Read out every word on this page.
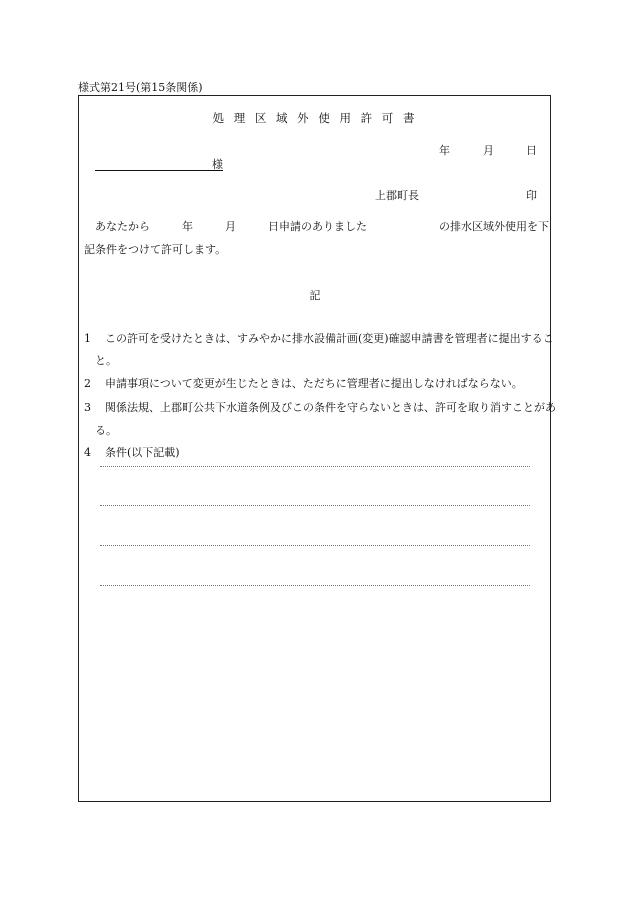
様式第21号(第15条関係)
処 理 区 域 外 使 用 許 可 書
年	月	日
様
上郡町長	印
あなたから	年	月	日申請のありました	の排水区域外使用を下
記条件をつけて許可します。
記
1 この許可を受けたときは、すみやかに排水設備計画(変更)確認申請書を管理者に提出するこ
と。
2 申請事項について変更が生じたときは、ただちに管理者に提出しなければならない。
3 関係法規、上郡町公共下水道条例及びこの条件を守らないときは、許可を取り消すことがあ
る。
4 条件(以下記載)
